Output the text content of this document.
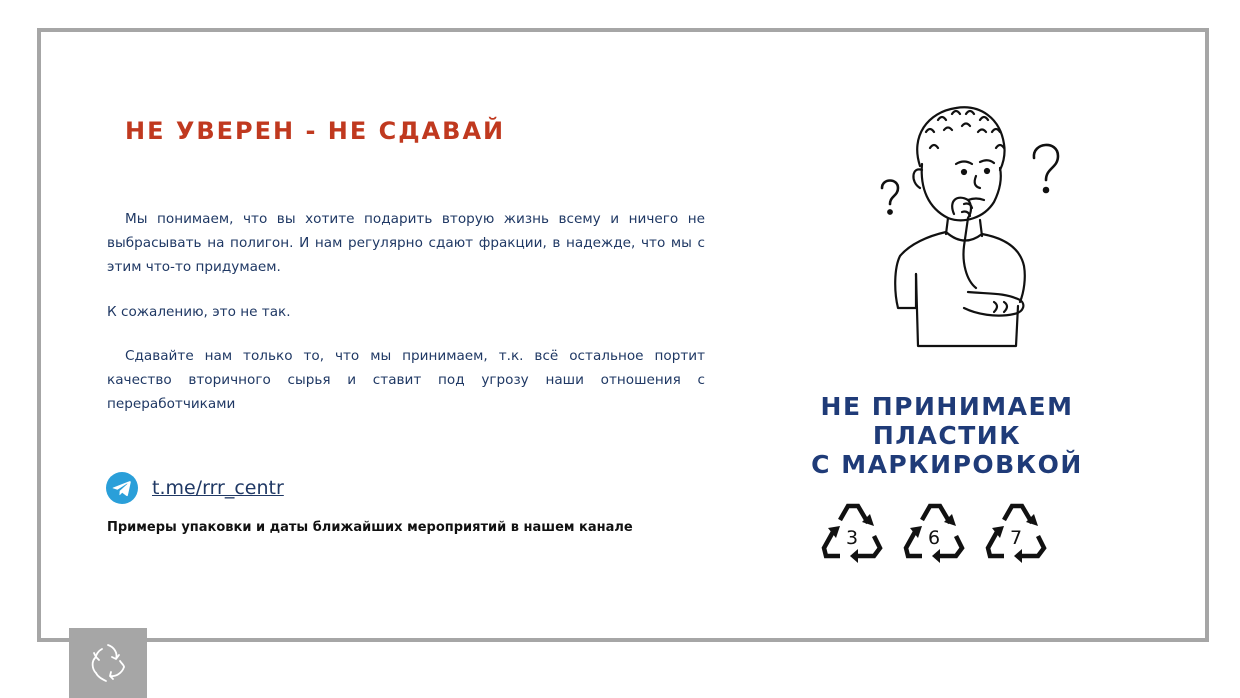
НЕ УВЕРЕН - НЕ СДАВАЙ

Мы понимаем, что вы хотите подарить вторую жизнь всему и ничего не выбрасывать на полигон. И нам регулярно сдают фракции, в надежде, что мы с этим что-то придумаем.

К сожалению, это не так.

Сдавайте нам только то, что мы принимаем, т.к. всё остальное портит качество вторичного сырья и ставит под угрозу наши отношения с переработчиками

t.me/rrr_centr

Примеры упаковки и даты ближайших мероприятий в нашем канале

НЕ ПРИНИМАЕМ
ПЛАСТИК
С МАРКИРОВКОЙ
3	6	7
